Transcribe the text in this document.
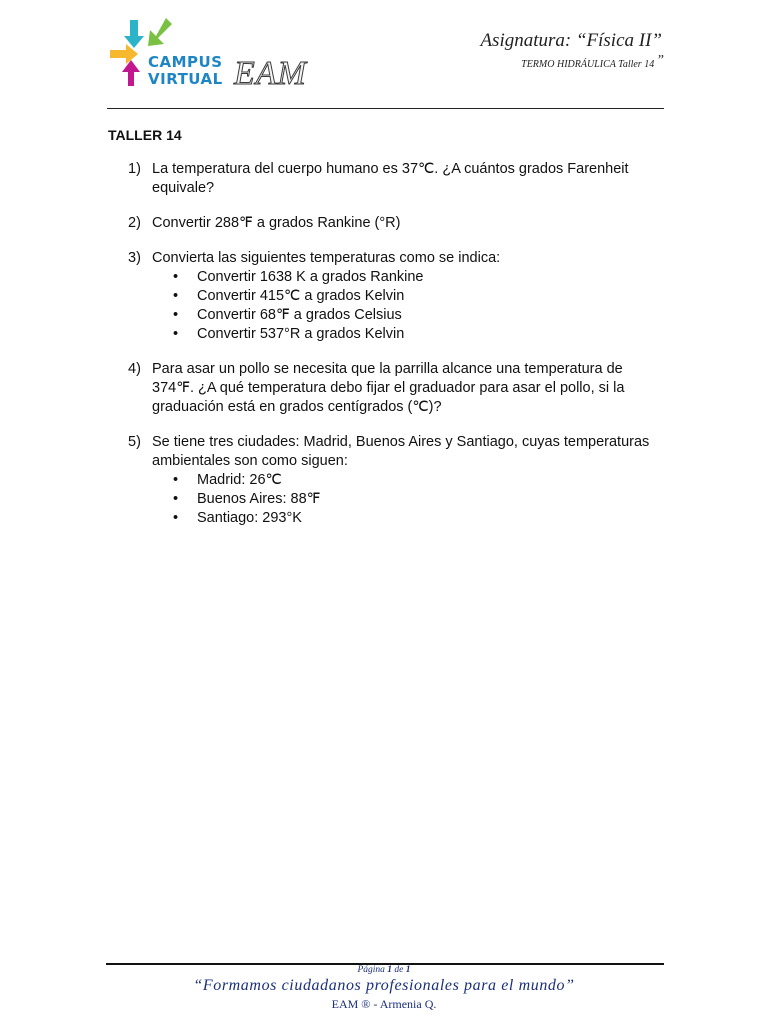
CAMPUS
VIRTUAL EAM
Asignatura: “Física II”
TERMO HIDRÁULICA Taller 14 ”
TALLER 14
1) La temperatura del cuerpo humano es 37℃. ¿A cuántos grados Farenheit equivale?
2) Convertir 288℉ a grados Rankine (°R)
3) Convierta las siguientes temperaturas como se indica:
• Convertir 1638 K a grados Rankine
• Convertir 415℃ a grados Kelvin
• Convertir 68℉ a grados Celsius
• Convertir 537°R a grados Kelvin
4) Para asar un pollo se necesita que la parrilla alcance una temperatura de 374℉. ¿A qué temperatura debo fijar el graduador para asar el pollo, si la graduación está en grados centígrados (℃)?
5) Se tiene tres ciudades: Madrid, Buenos Aires y Santiago, cuyas temperaturas ambientales son como siguen:
• Madrid: 26℃
• Buenos Aires: 88℉
• Santiago: 293°K
Página 1 de 1
“Formamos ciudadanos profesionales para el mundo”
EAM ® - Armenia Q.
